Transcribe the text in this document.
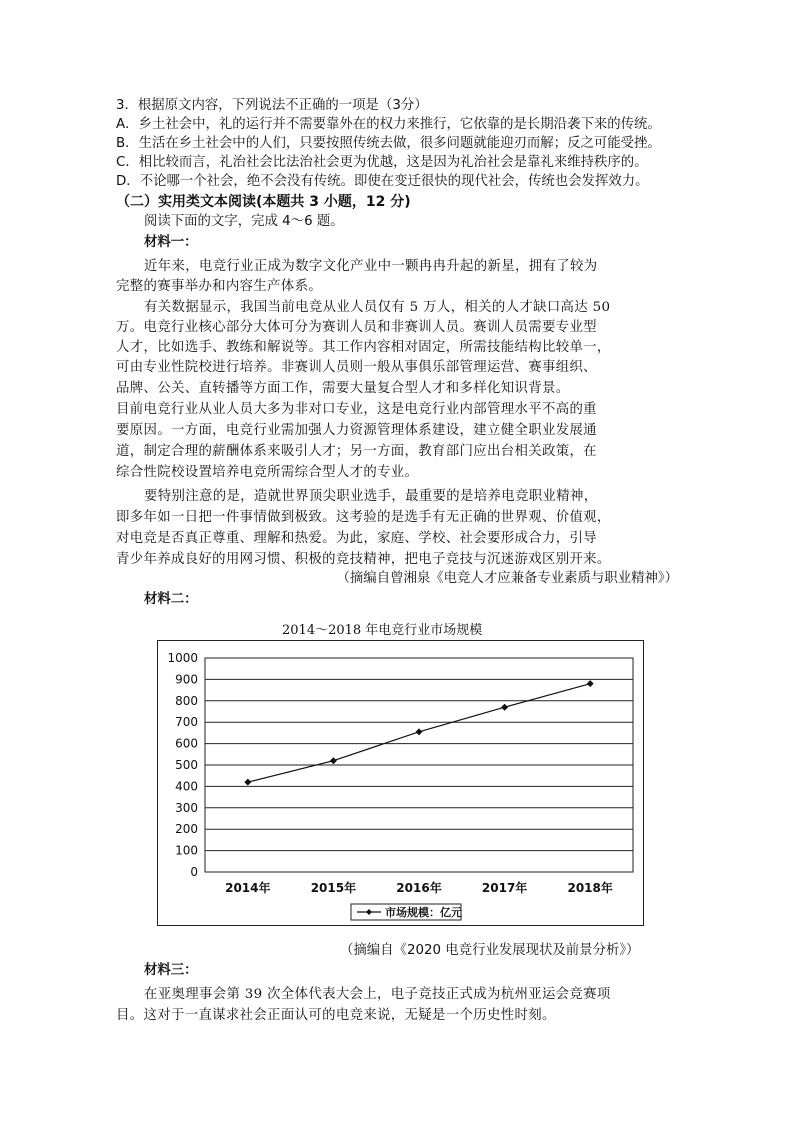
3．根据原文内容，下列说法不正确的一项是（3分）
A．乡土社会中，礼的运行并不需要靠外在的权力来推行，它依靠的是长期沿袭下来的传统。
B．生活在乡土社会中的人们，只要按照传统去做，很多问题就能迎刃而解；反之可能受挫。
C．相比较而言，礼治社会比法治社会更为优越，这是因为礼治社会是靠礼来维持秩序的。
D．不论哪一个社会，绝不会没有传统。即使在变迁很快的现代社会，传统也会发挥效力。
（二）实用类文本阅读(本题共 3 小题，12 分)
阅读下面的文字，完成 4～6 题。
材料一：
近年来，电竞行业正成为数字文化产业中一颗冉冉升起的新星，拥有了较为
完整的赛事举办和内容生产体系。
有关数据显示，我国当前电竞从业人员仅有 5 万人，相关的人才缺口高达 50
万。电竞行业核心部分大体可分为赛训人员和非赛训人员。赛训人员需要专业型
人才，比如选手、教练和解说等。其工作内容相对固定，所需技能结构比较单一，
可由专业性院校进行培养。非赛训人员则一般从事俱乐部管理运营、赛事组织、
品牌、公关、直转播等方面工作，需要大量复合型人才和多样化知识背景。
目前电竞行业从业人员大多为非对口专业，这是电竞行业内部管理水平不高的重
要原因。一方面，电竞行业需加强人力资源管理体系建设，建立健全职业发展通
道，制定合理的薪酬体系来吸引人才；另一方面，教育部门应出台相关政策，在
综合性院校设置培养电竞所需综合型人才的专业。
要特别注意的是，造就世界顶尖职业选手，最重要的是培养电竞职业精神，
即多年如一日把一件事情做到极致。这考验的是选手有无正确的世界观、价值观，
对电竞是否真正尊重、理解和热爱。为此，家庭、学校、社会要形成合力，引导
青少年养成良好的用网习惯、积极的竞技精神，把电子竞技与沉迷游戏区别开来。
（摘编自曾湘泉《电竞人才应兼备专业素质与职业精神》）
材料二：
2014～2018 年电竞行业市场规模
0
100
200
300
400
500
600
700
800
900
1000
2014年	2015年	2016年	2017年	2018年
市场规模：亿元
（摘编自《2020 电竞行业发展现状及前景分析》）
材料三：
在亚奥理事会第 39 次全体代表大会上，电子竞技正式成为杭州亚运会竞赛项
目。这对于一直谋求社会正面认可的电竞来说，无疑是一个历史性时刻。
